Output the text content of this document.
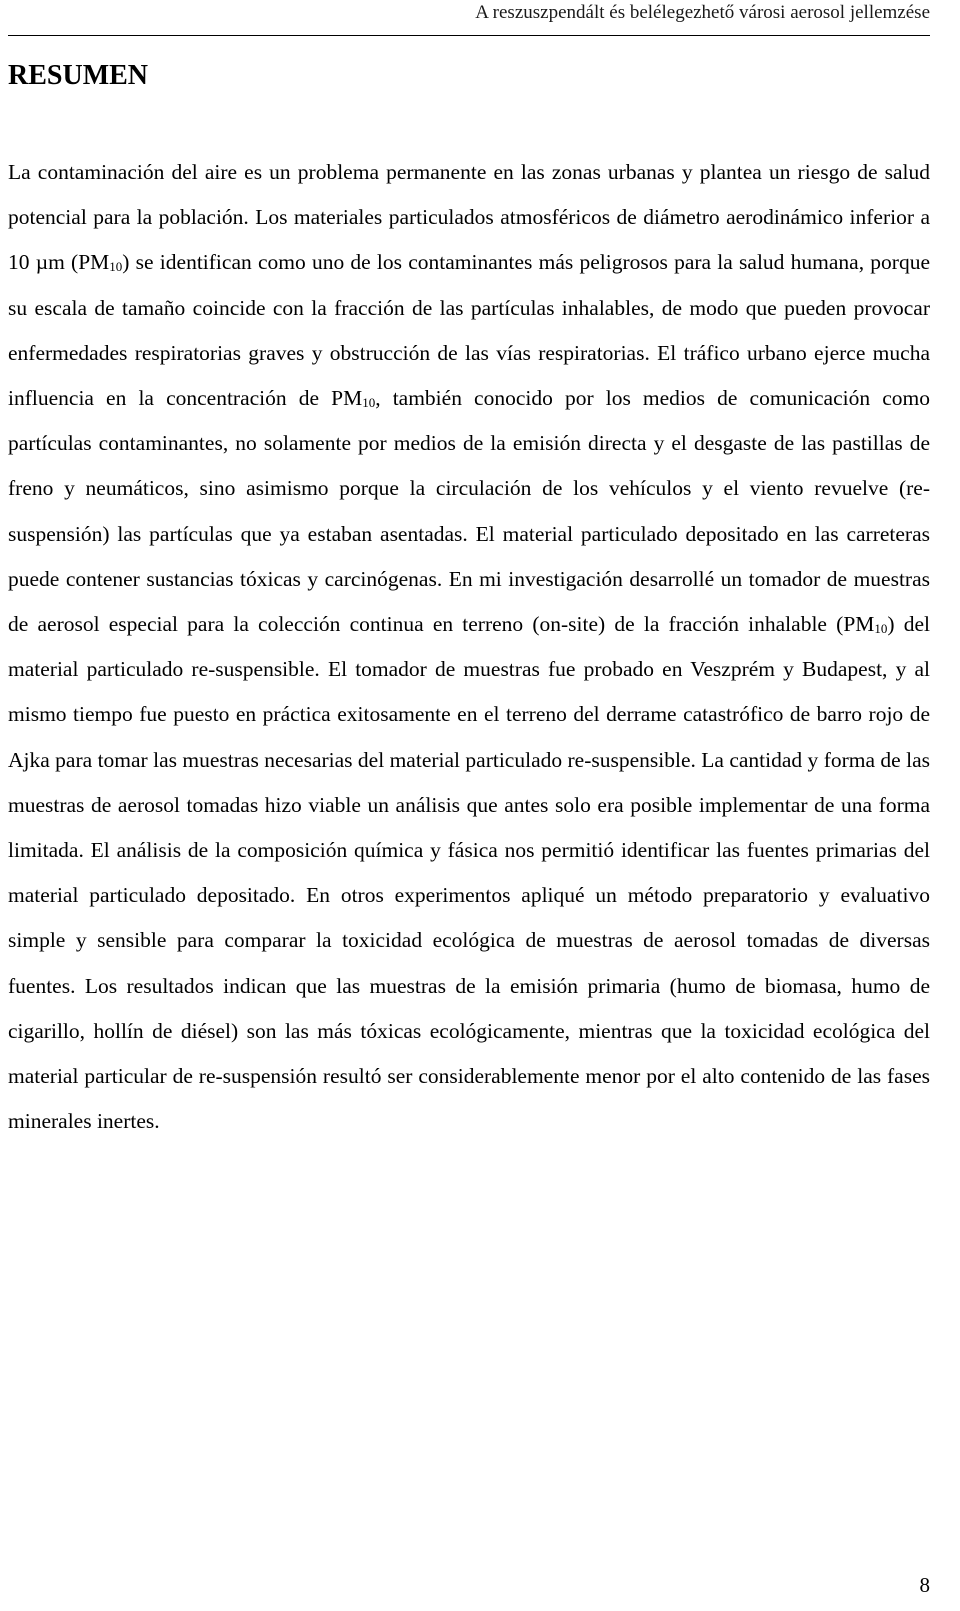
A reszuszpendált és belélegezhető városi aerosol jellemzése
RESUMEN

La contaminación del aire es un problema permanente en las zonas urbanas y plantea un riesgo de salud potencial para la población. Los materiales particulados atmosféricos de diámetro aerodinámico inferior a 10 µm $(PM_{10})$ se identifican como uno de los contaminantes más peligrosos para la salud humana, porque su escala de tamaño coincide con la fracción de las partículas inhalables, de modo que pueden provocar enfermedades respiratorias graves y obstrucción de las vías respiratorias. El tráfico urbano ejerce mucha influencia en la concentración de $PM_{10}$, también conocido por los medios de comunicación como partículas contaminantes, no solamente por medios de la emisión directa y el desgaste de las pastillas de freno y neumáticos, sino asimismo porque la circulación de los vehículos y el viento revuelve (re-suspensión) las partículas que ya estaban asentadas. El material particulado depositado en las carreteras puede contener sustancias tóxicas y carcinógenas. En mi investigación desarrollé un tomador de muestras de aerosol especial para la colección continua en terreno (on-site) de la fracción inhalable $(PM_{10})$ del material particulado re-suspensible. El tomador de muestras fue probado en Veszprém y Budapest, y al mismo tiempo fue puesto en práctica exitosamente en el terreno del derrame catastrófico de barro rojo de Ajka para tomar las muestras necesarias del material particulado re-suspensible. La cantidad y forma de las muestras de aerosol tomadas hizo viable un análisis que antes solo era posible implementar de una forma limitada. El análisis de la composición química y fásica nos permitió identificar las fuentes primarias del material particulado depositado. En otros experimentos apliqué un método preparatorio y evaluativo simple y sensible para comparar la toxicidad ecológica de muestras de aerosol tomadas de diversas fuentes. Los resultados indican que las muestras de la emisión primaria (humo de biomasa, humo de cigarillo, hollín de diésel) son las más tóxicas ecológicamente, mientras que la toxicidad ecológica del material particular de re-suspensión resultó ser considerablemente menor por el alto contenido de las fases minerales inertes.

8
